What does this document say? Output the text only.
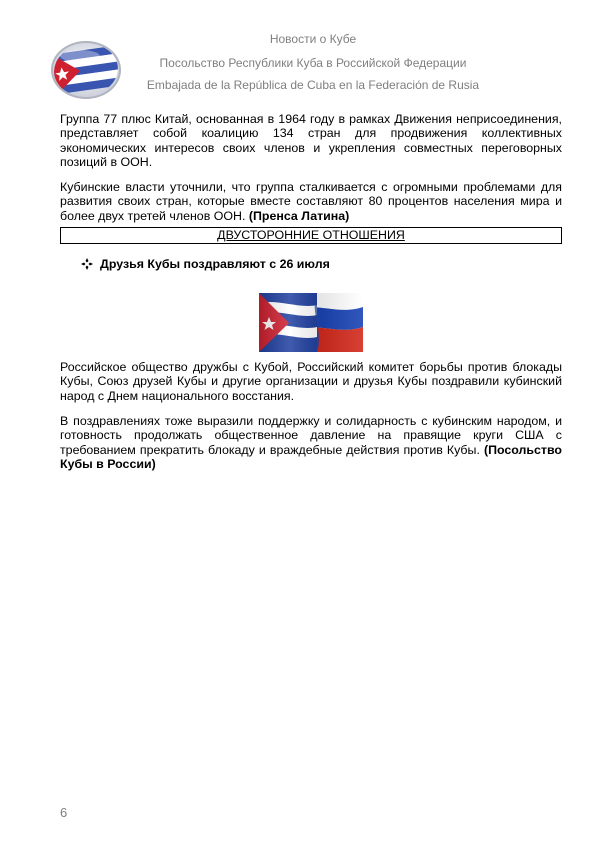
Новости о Кубе
Посольство Республики Куба в Российской Федерации
Embajada de la República de Cuba en la Federación de Rusia

Группа 77 плюс Китай, основанная в 1964 году в рамках Движения неприсоединения, представляет собой коалицию 134 стран для продвижения коллективных экономических интересов своих членов и укрепления совместных переговорных позиций в ООН.

Кубинские власти уточнили, что группа сталкивается с огромными проблемами для развития своих стран, которые вместе составляют 80 процентов населения мира и более двух третей членов ООН. (Пренса Латина)

ДВУСТОРОННИЕ ОТНОШЕНИЯ
Друзья Кубы поздравляют с 26 июля

Российское общество дружбы с Кубой, Российский комитет борьбы против блокады Кубы, Союз друзей Кубы и другие организации и друзья Кубы поздравили кубинский народ с Днем национального восстания.

В поздравлениях тоже выразили поддержку и солидарность с кубинским народом, и готовность продолжать общественное давление на правящие круги США с требованием прекратить блокаду и враждебные действия против Кубы. (Посольство Кубы в России)

6
